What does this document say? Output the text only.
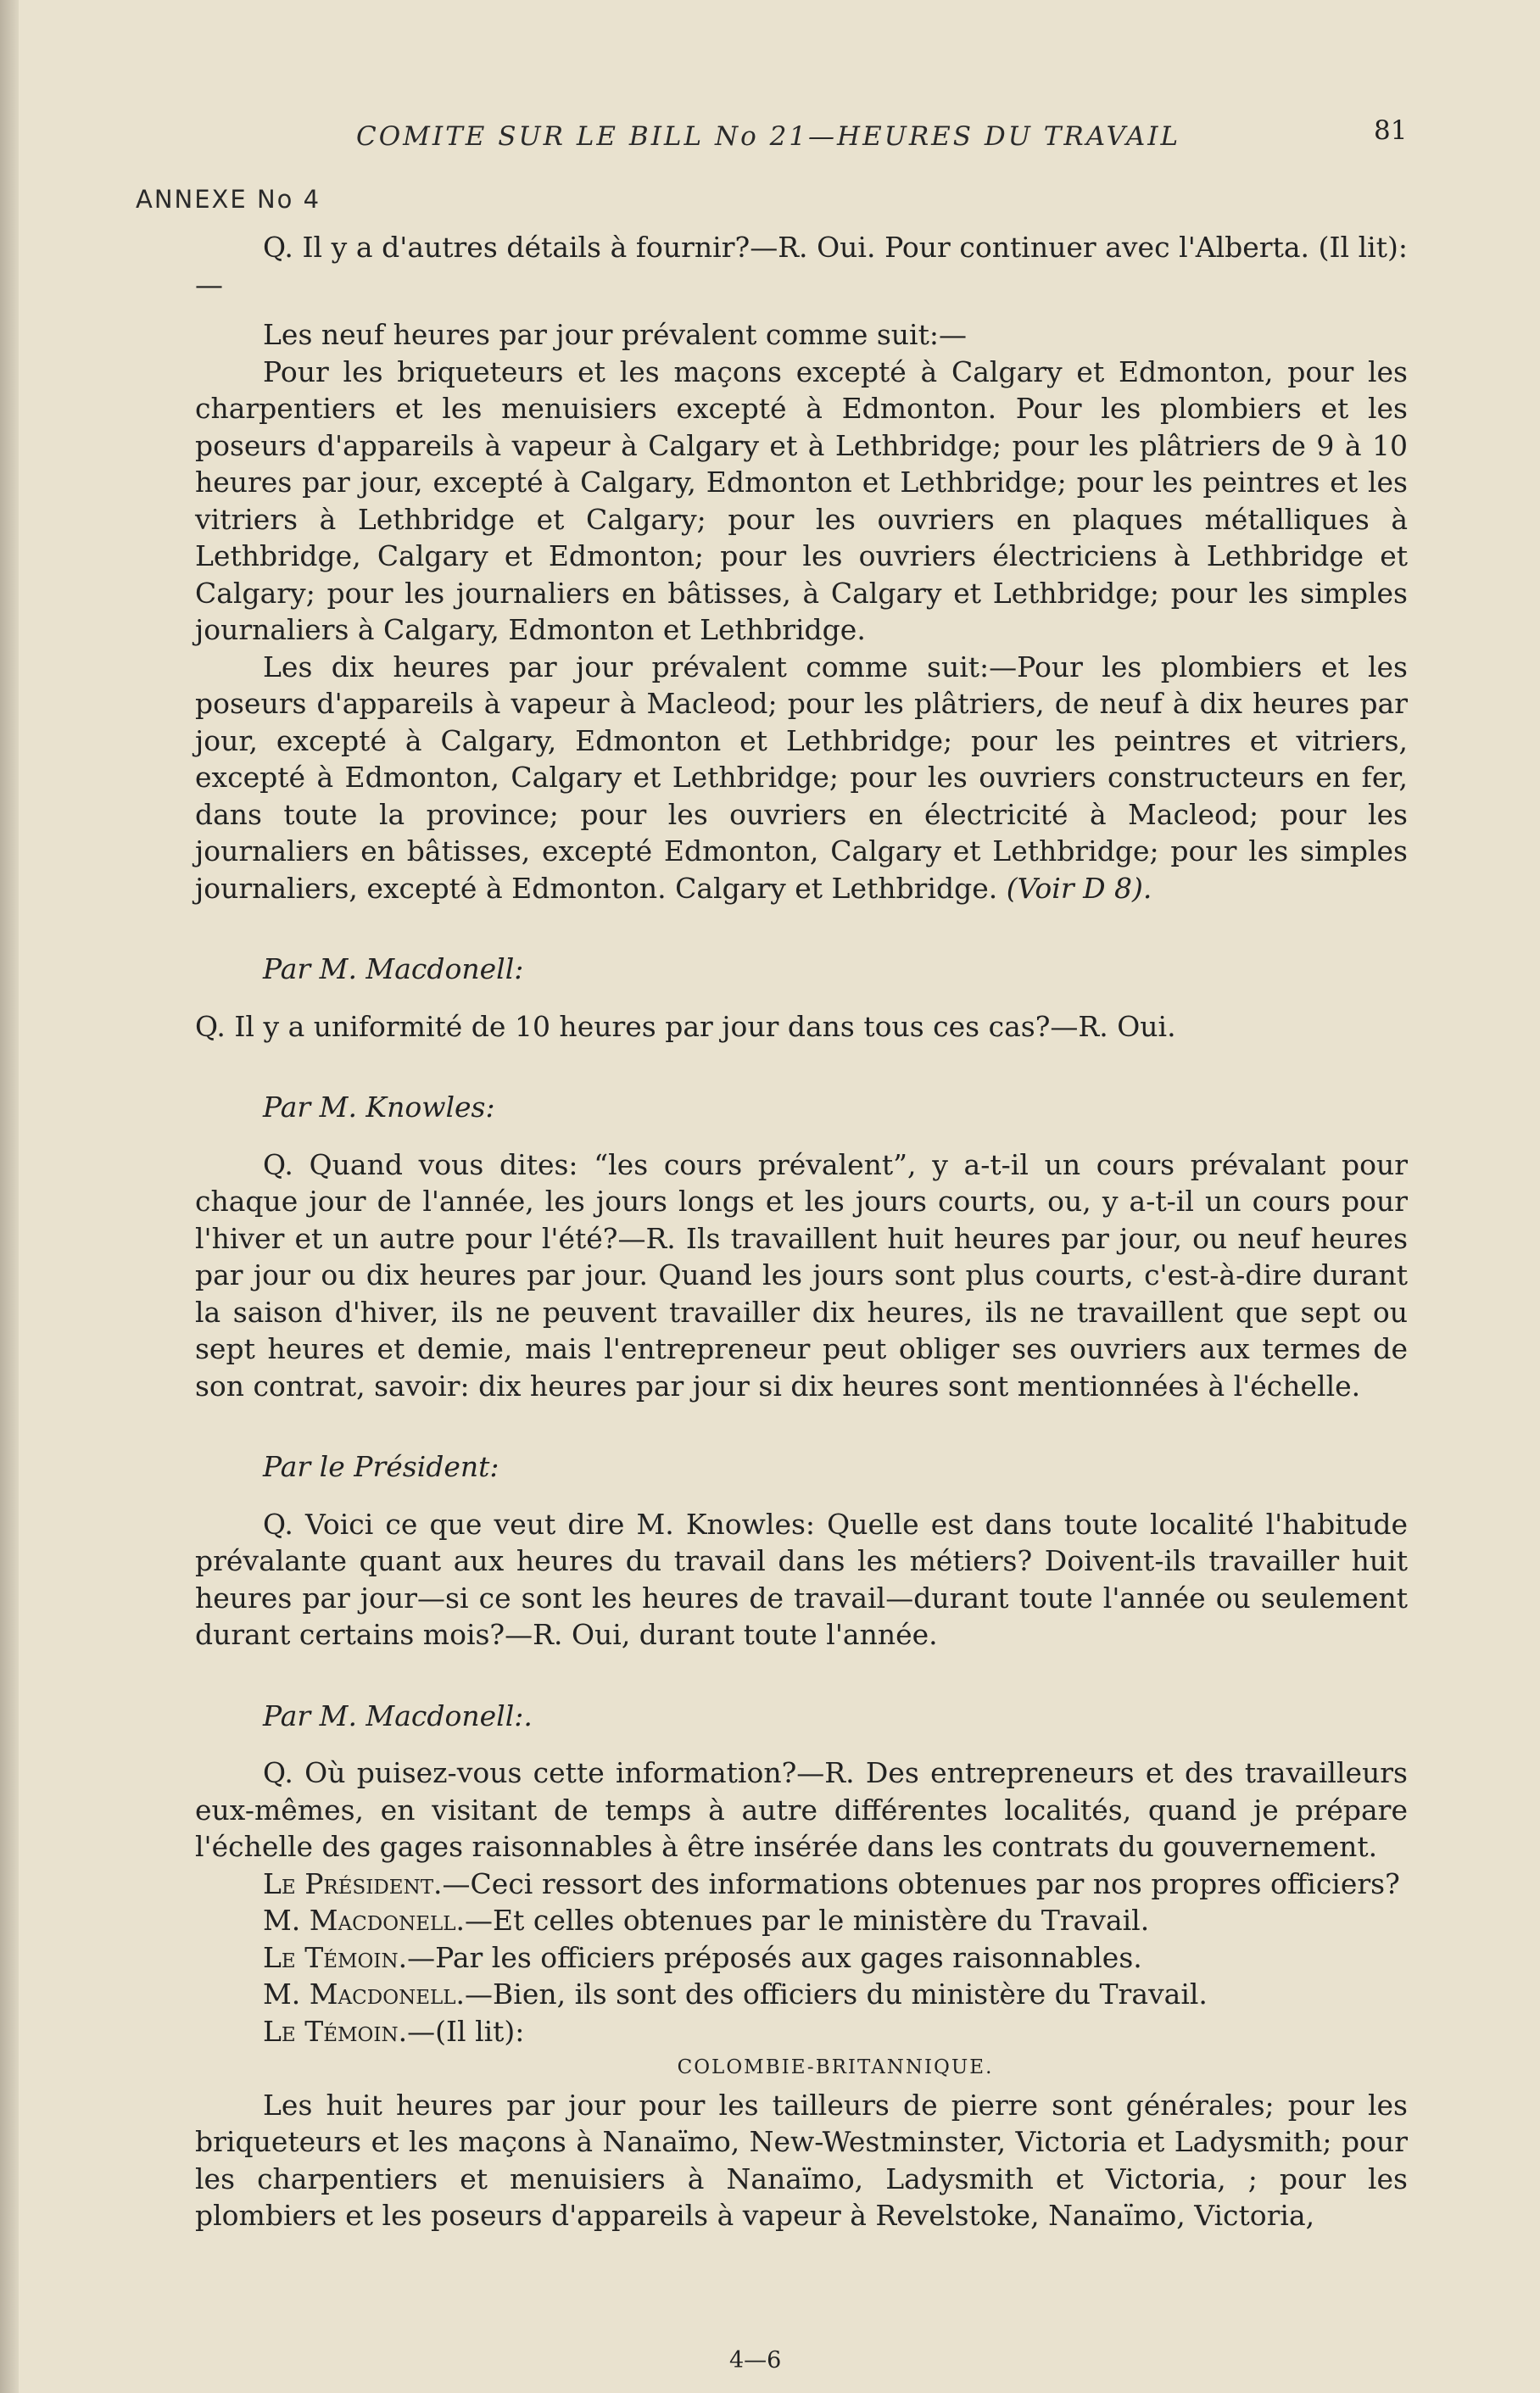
COMITE SUR LE BILL No 21—HEURES DU TRAVAIL	81
ANNEXE No 4

Q. Il y a d'autres détails à fournir?—R. Oui. Pour continuer avec l'Alberta. (Il lit):—

Les neuf heures par jour prévalent comme suit:—

Pour les briqueteurs et les maçons excepté à Calgary et Edmonton, pour les charpentiers et les menuisiers excepté à Edmonton. Pour les plombiers et les poseurs d'appareils à vapeur à Calgary et à Lethbridge; pour les plâtriers de 9 à 10 heures par jour, excepté à Calgary, Edmonton et Lethbridge; pour les peintres et les vitriers à Lethbridge et Calgary; pour les ouvriers en plaques métalliques à Lethbridge, Calgary et Edmonton; pour les ouvriers électriciens à Lethbridge et Calgary; pour les journaliers en bâtisses, à Calgary et Lethbridge; pour les simples journaliers à Calgary, Edmonton et Lethbridge.

Les dix heures par jour prévalent comme suit:—Pour les plombiers et les poseurs d'appareils à vapeur à Macleod; pour les plâtriers, de neuf à dix heures par jour, excepté à Calgary, Edmonton et Lethbridge; pour les peintres et vitriers, excepté à Edmonton, Calgary et Lethbridge; pour les ouvriers constructeurs en fer, dans toute la province; pour les ouvriers en électricité à Macleod; pour les journaliers en bâtisses, excepté Edmonton, Calgary et Lethbridge; pour les simples journaliers, excepté à Edmonton. Calgary et Lethbridge. (Voir D 8).

Par M. Macdonell:

Q. Il y a uniformité de 10 heures par jour dans tous ces cas?—R. Oui.

Par M. Knowles:

Q. Quand vous dites: “les cours prévalent”, y a-t-il un cours prévalant pour chaque jour de l'année, les jours longs et les jours courts, ou, y a-t-il un cours pour l'hiver et un autre pour l'été?—R. Ils travaillent huit heures par jour, ou neuf heures par jour ou dix heures par jour. Quand les jours sont plus courts, c'est-à-dire durant la saison d'hiver, ils ne peuvent travailler dix heures, ils ne travaillent que sept ou sept heures et demie, mais l'entrepreneur peut obliger ses ouvriers aux termes de son contrat, savoir: dix heures par jour si dix heures sont mentionnées à l'échelle.

Par le Président:

Q. Voici ce que veut dire M. Knowles: Quelle est dans toute localité l'habitude prévalante quant aux heures du travail dans les métiers? Doivent-ils travailler huit heures par jour—si ce sont les heures de travail—durant toute l'année ou seulement durant certains mois?—R. Oui, durant toute l'année.

Par M. Macdonell:.

Q. Où puisez-vous cette information?—R. Des entrepreneurs et des travailleurs eux-mêmes, en visitant de temps à autre différentes localités, quand je prépare l'échelle des gages raisonnables à être insérée dans les contrats du gouvernement.

Le Président.—Ceci ressort des informations obtenues par nos propres officiers?

M. Macdonell.—Et celles obtenues par le ministère du Travail.

Le Témoin.—Par les officiers préposés aux gages raisonnables.

M. Macdonell.—Bien, ils sont des officiers du ministère du Travail.

Le Témoin.—(Il lit):

COLOMBIE-BRITANNIQUE.

Les huit heures par jour pour les tailleurs de pierre sont générales; pour les briqueteurs et les maçons à Nanaïmo, New-Westminster, Victoria et Ladysmith; pour les charpentiers et menuisiers à Nanaïmo, Ladysmith et Victoria, ; pour les plombiers et les poseurs d'appareils à vapeur à Revelstoke, Nanaïmo, Victoria,

4—6
